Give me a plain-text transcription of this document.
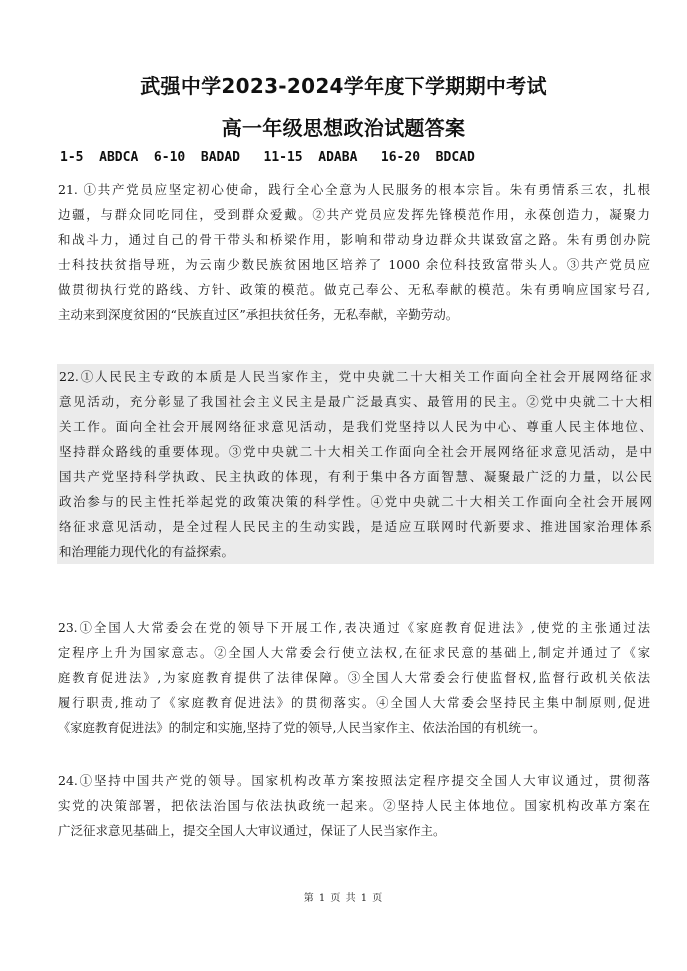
武强中学2023-2024学年度下学期期中考试
高一年级思想政治试题答案
1-5  ABDCA  6-10  BADAD   11-15  ADABA   16-20  BDCAD

21. ①共产党员应坚定初心使命，践行全心全意为人民服务的根本宗旨。朱有勇情系三农，扎根

边疆，与群众同吃同住，受到群众爱戴。②共产党员应发挥先锋模范作用，永葆创造力，凝聚力

和战斗力，通过自己的骨干带头和桥梁作用，影响和带动身边群众共谋致富之路。朱有勇创办院

士科技扶贫指导班，为云南少数民族贫困地区培养了 1000 余位科技致富带头人。③共产党员应

做贯彻执行党的路线、方针、政策的模范。做克己奉公、无私奉献的模范。朱有勇响应国家号召,

主动来到深度贫困的“民族直过区”承担扶贫任务，无私奉献，辛勤劳动。

22.①人民民主专政的本质是人民当家作主，党中央就二十大相关工作面向全社会开展网络征求

意见活动，充分彰显了我国社会主义民主是最广泛最真实、最管用的民主。②党中央就二十大相

关工作。面向全社会开展网络征求意见活动，是我们党坚持以人民为中心、尊重人民主体地位、

坚持群众路线的重要体现。③党中央就二十大相关工作面向全社会开展网络征求意见活动，是中

国共产党坚持科学执政、民主执政的体现，有利于集中各方面智慧、凝聚最广泛的力量，以公民

政治参与的民主性托举起党的政策决策的科学性。④党中央就二十大相关工作面向全社会开展网

络征求意见活动，是全过程人民民主的生动实践，是适应互联网时代新要求、推进国家治理体系

和治理能力现代化的有益探索。

23.①全国人大常委会在党的领导下开展工作,表决通过《家庭教育促进法》,使党的主张通过法

定程序上升为国家意志。②全国人大常委会行使立法权,在征求民意的基础上,制定并通过了《家

庭教育促进法》,为家庭教育提供了法律保障。③全国人大常委会行使监督权,监督行政机关依法

履行职责,推动了《家庭教育促进法》的贯彻落实。④全国人大常委会坚持民主集中制原则,促进

《家庭教育促进法》的制定和实施,坚持了党的领导,人民当家作主、依法治国的有机统一。

24.①坚持中国共产党的领导。国家机构改革方案按照法定程序提交全国人大审议通过，贯彻落

实党的决策部署，把依法治国与依法执政统一起来。②坚持人民主体地位。国家机构改革方案在

广泛征求意见基础上，提交全国人大审议通过，保证了人民当家作主。

第 1 页 共 1 页
